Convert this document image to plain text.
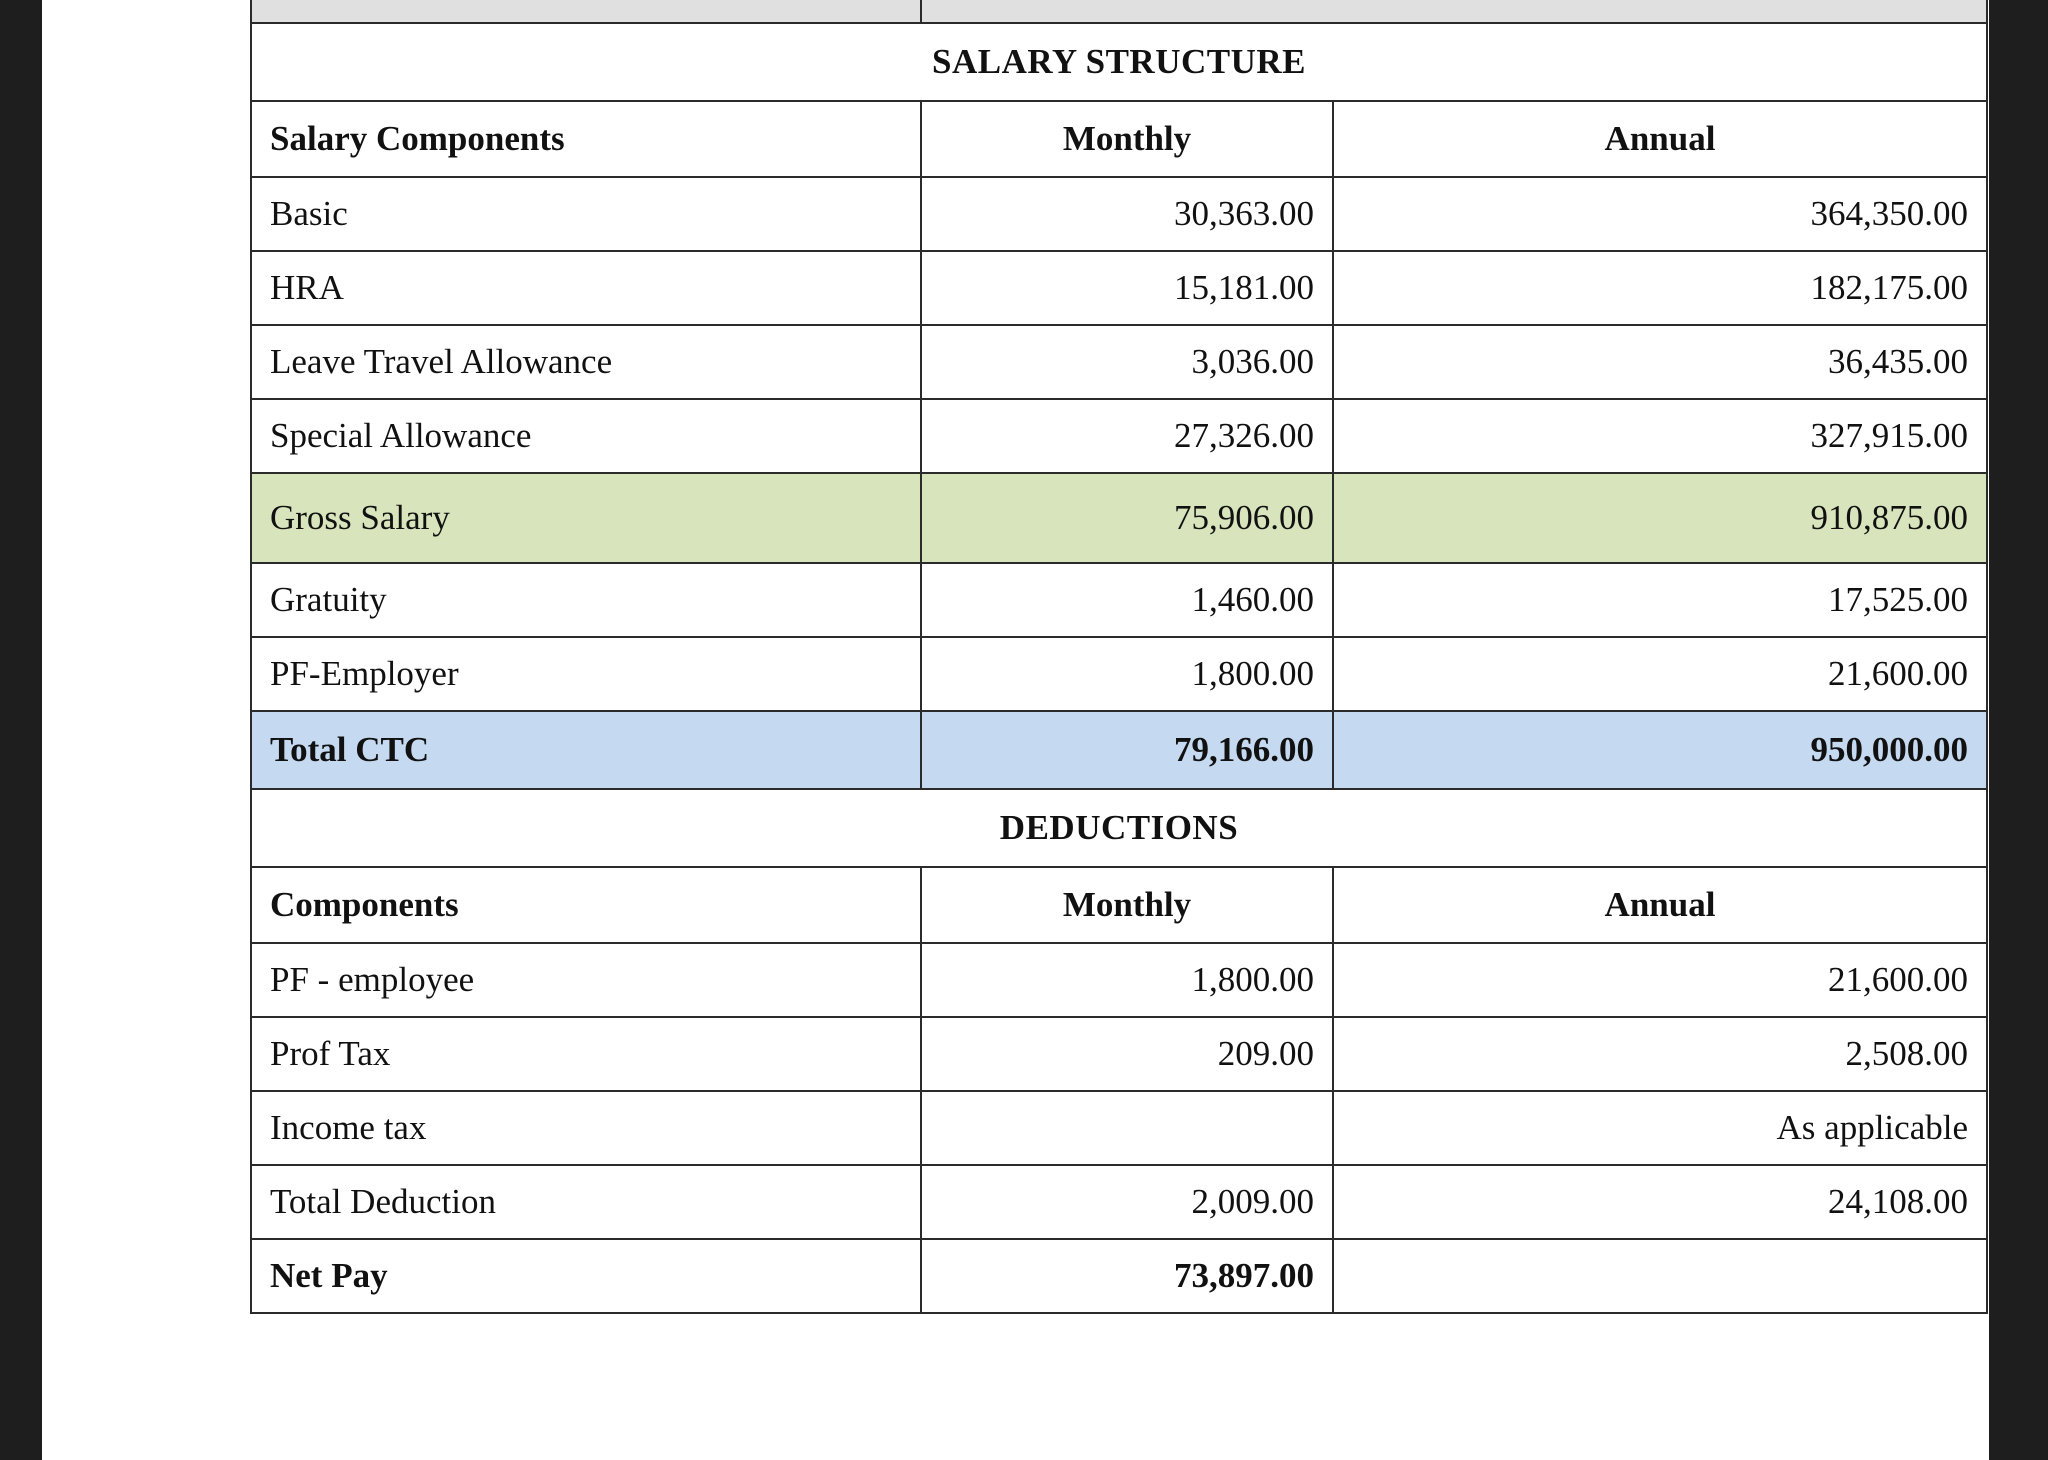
SALARY STRUCTURE		
Salary Components	Monthly	Annual
Basic	30,363.00	364,350.00
HRA	15,181.00	182,175.00
Leave Travel Allowance	3,036.00	36,435.00
Special Allowance	27,326.00	327,915.00
Gross Salary	75,906.00	910,875.00
Gratuity	1,460.00	17,525.00
PF-Employer	1,800.00	21,600.00
Total CTC	79,166.00	950,000.00
DEDUCTIONS		
Components	Monthly	Annual
PF - employee	1,800.00	21,600.00
Prof Tax	209.00	2,508.00
Income tax		As applicable
Total Deduction	2,009.00	24,108.00
Net Pay	73,897.00	
